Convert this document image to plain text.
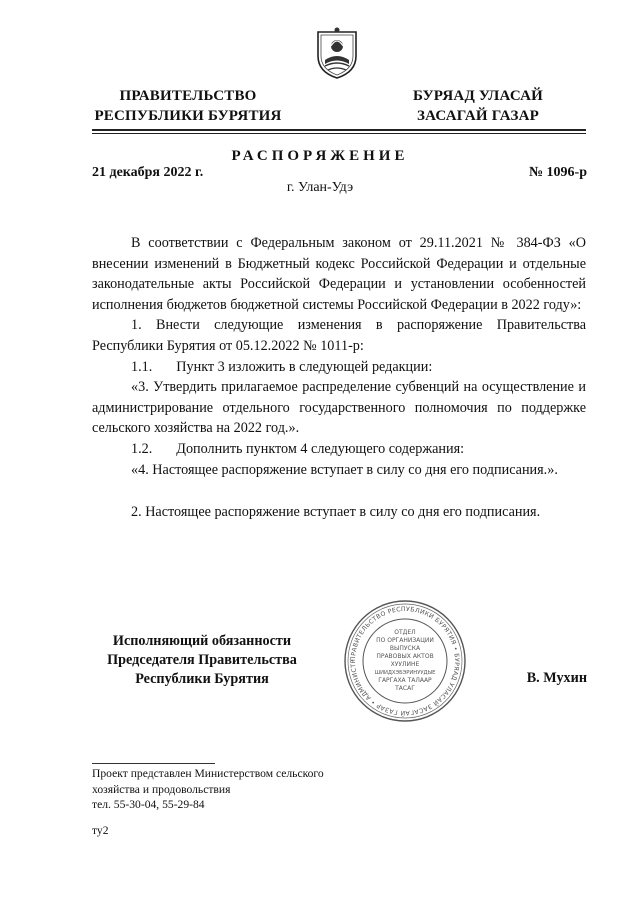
ПРАВИТЕЛЬСТВО
РЕСПУБЛИКИ БУРЯТИЯ
БУРЯАД УЛАСАЙ
ЗАСАГАЙ ГАЗАР
РАСПОРЯЖЕНИЕ
21 декабря 2022 г.	№ 1096-р
г. Улан-Удэ

В соответствии с Федеральным законом от 29.11.2021 № 384-ФЗ «О внесении изменений в Бюджетный кодекс Российской Федерации и отдельные законодательные акты Российской Федерации и установлении особенностей исполнения бюджетов бюджетной системы Российской Федерации в 2022 году»:

1. Внести следующие изменения в распоряжение Правительства Республики Бурятия от 05.12.2022 № 1011-р:

1.1. Пункт 3 изложить в следующей редакции:

«3. Утвердить прилагаемое распределение субвенций на осуществление и администрирование отдельного государственного полномочия по поддержке сельского хозяйства на 2022 год.».

1.2. Дополнить пунктом 4 следующего содержания:

«4. Настоящее распоряжение вступает в силу со дня его подписания.».

2. Настоящее распоряжение вступает в силу со дня его подписания.

Исполняющий обязанности
Председателя Правительства
Республики Бурятия
ПРАВИТЕЛЬСТВО РЕСПУБЛИКИ БУРЯТИЯ • БУРЯАД УЛАСАЙ ЗАСАГАЙ ГАЗАР • АДМИНИСТР
ОТДЕЛ
ПО ОРГАНИЗАЦИИ
ВЫПУСКА
ПРАВОВЫХ АКТОВ
ХУУЛИНЕ
ШИИДХЭБЭРИНУУДЫЕ
ГАРГАХА ТАЛААР
ТАСАГ
В. Мухин
Проект представлен Министерством сельского
хозяйства и продовольствия
тел. 55-30-04, 55-29-84
ту2
